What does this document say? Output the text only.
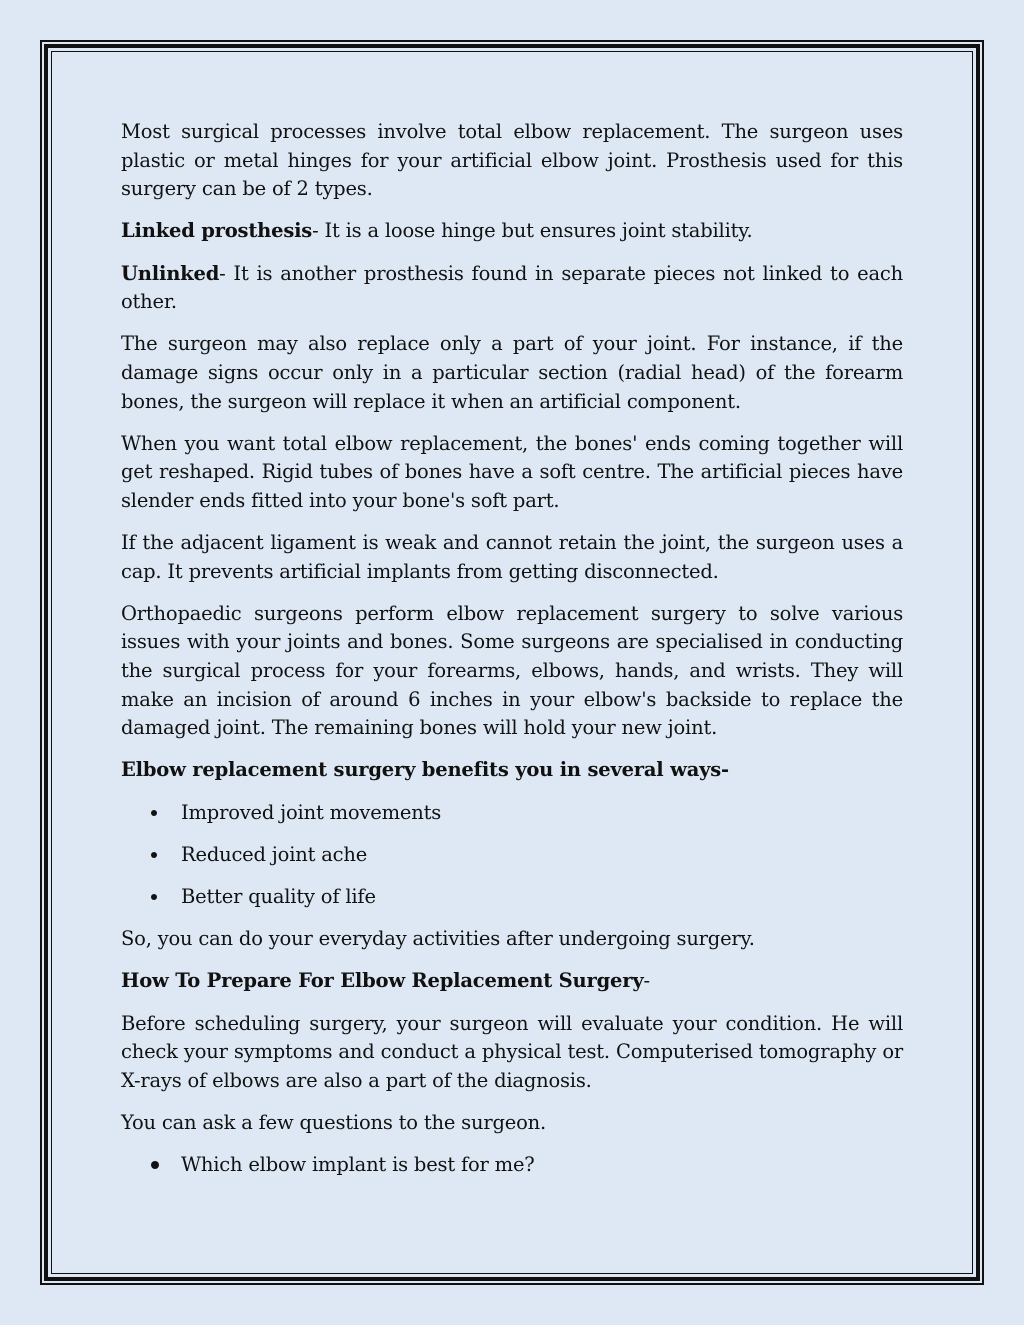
Most surgical processes involve total elbow replacement. The surgeon uses plastic or metal hinges for your artificial elbow joint. Prosthesis used for this surgery can be of 2 types.

Linked prosthesis- It is a loose hinge but ensures joint stability.

Unlinked- It is another prosthesis found in separate pieces not linked to each other.

The surgeon may also replace only a part of your joint. For instance, if the damage signs occur only in a particular section (radial head) of the forearm bones, the surgeon will replace it when an artificial component.

When you want total elbow replacement, the bones' ends coming together will get reshaped. Rigid tubes of bones have a soft centre. The artificial pieces have slender ends fitted into your bone's soft part.

If the adjacent ligament is weak and cannot retain the joint, the surgeon uses a cap. It prevents artificial implants from getting disconnected.

Orthopaedic surgeons perform elbow replacement surgery to solve various issues with your joints and bones. Some surgeons are specialised in conducting the surgical process for your forearms, elbows, hands, and wrists. They will make an incision of around 6 inches in your elbow's backside to replace the damaged joint. The remaining bones will hold your new joint.

Elbow replacement surgery benefits you in several ways-

Improved joint movements
Reduced joint ache
Better quality of life

So, you can do your everyday activities after undergoing surgery.

How To Prepare For Elbow Replacement Surgery-

Before scheduling surgery, your surgeon will evaluate your condition. He will check your symptoms and conduct a physical test. Computerised tomography or X-rays of elbows are also a part of the diagnosis.

You can ask a few questions to the surgeon.

Which elbow implant is best for me?
